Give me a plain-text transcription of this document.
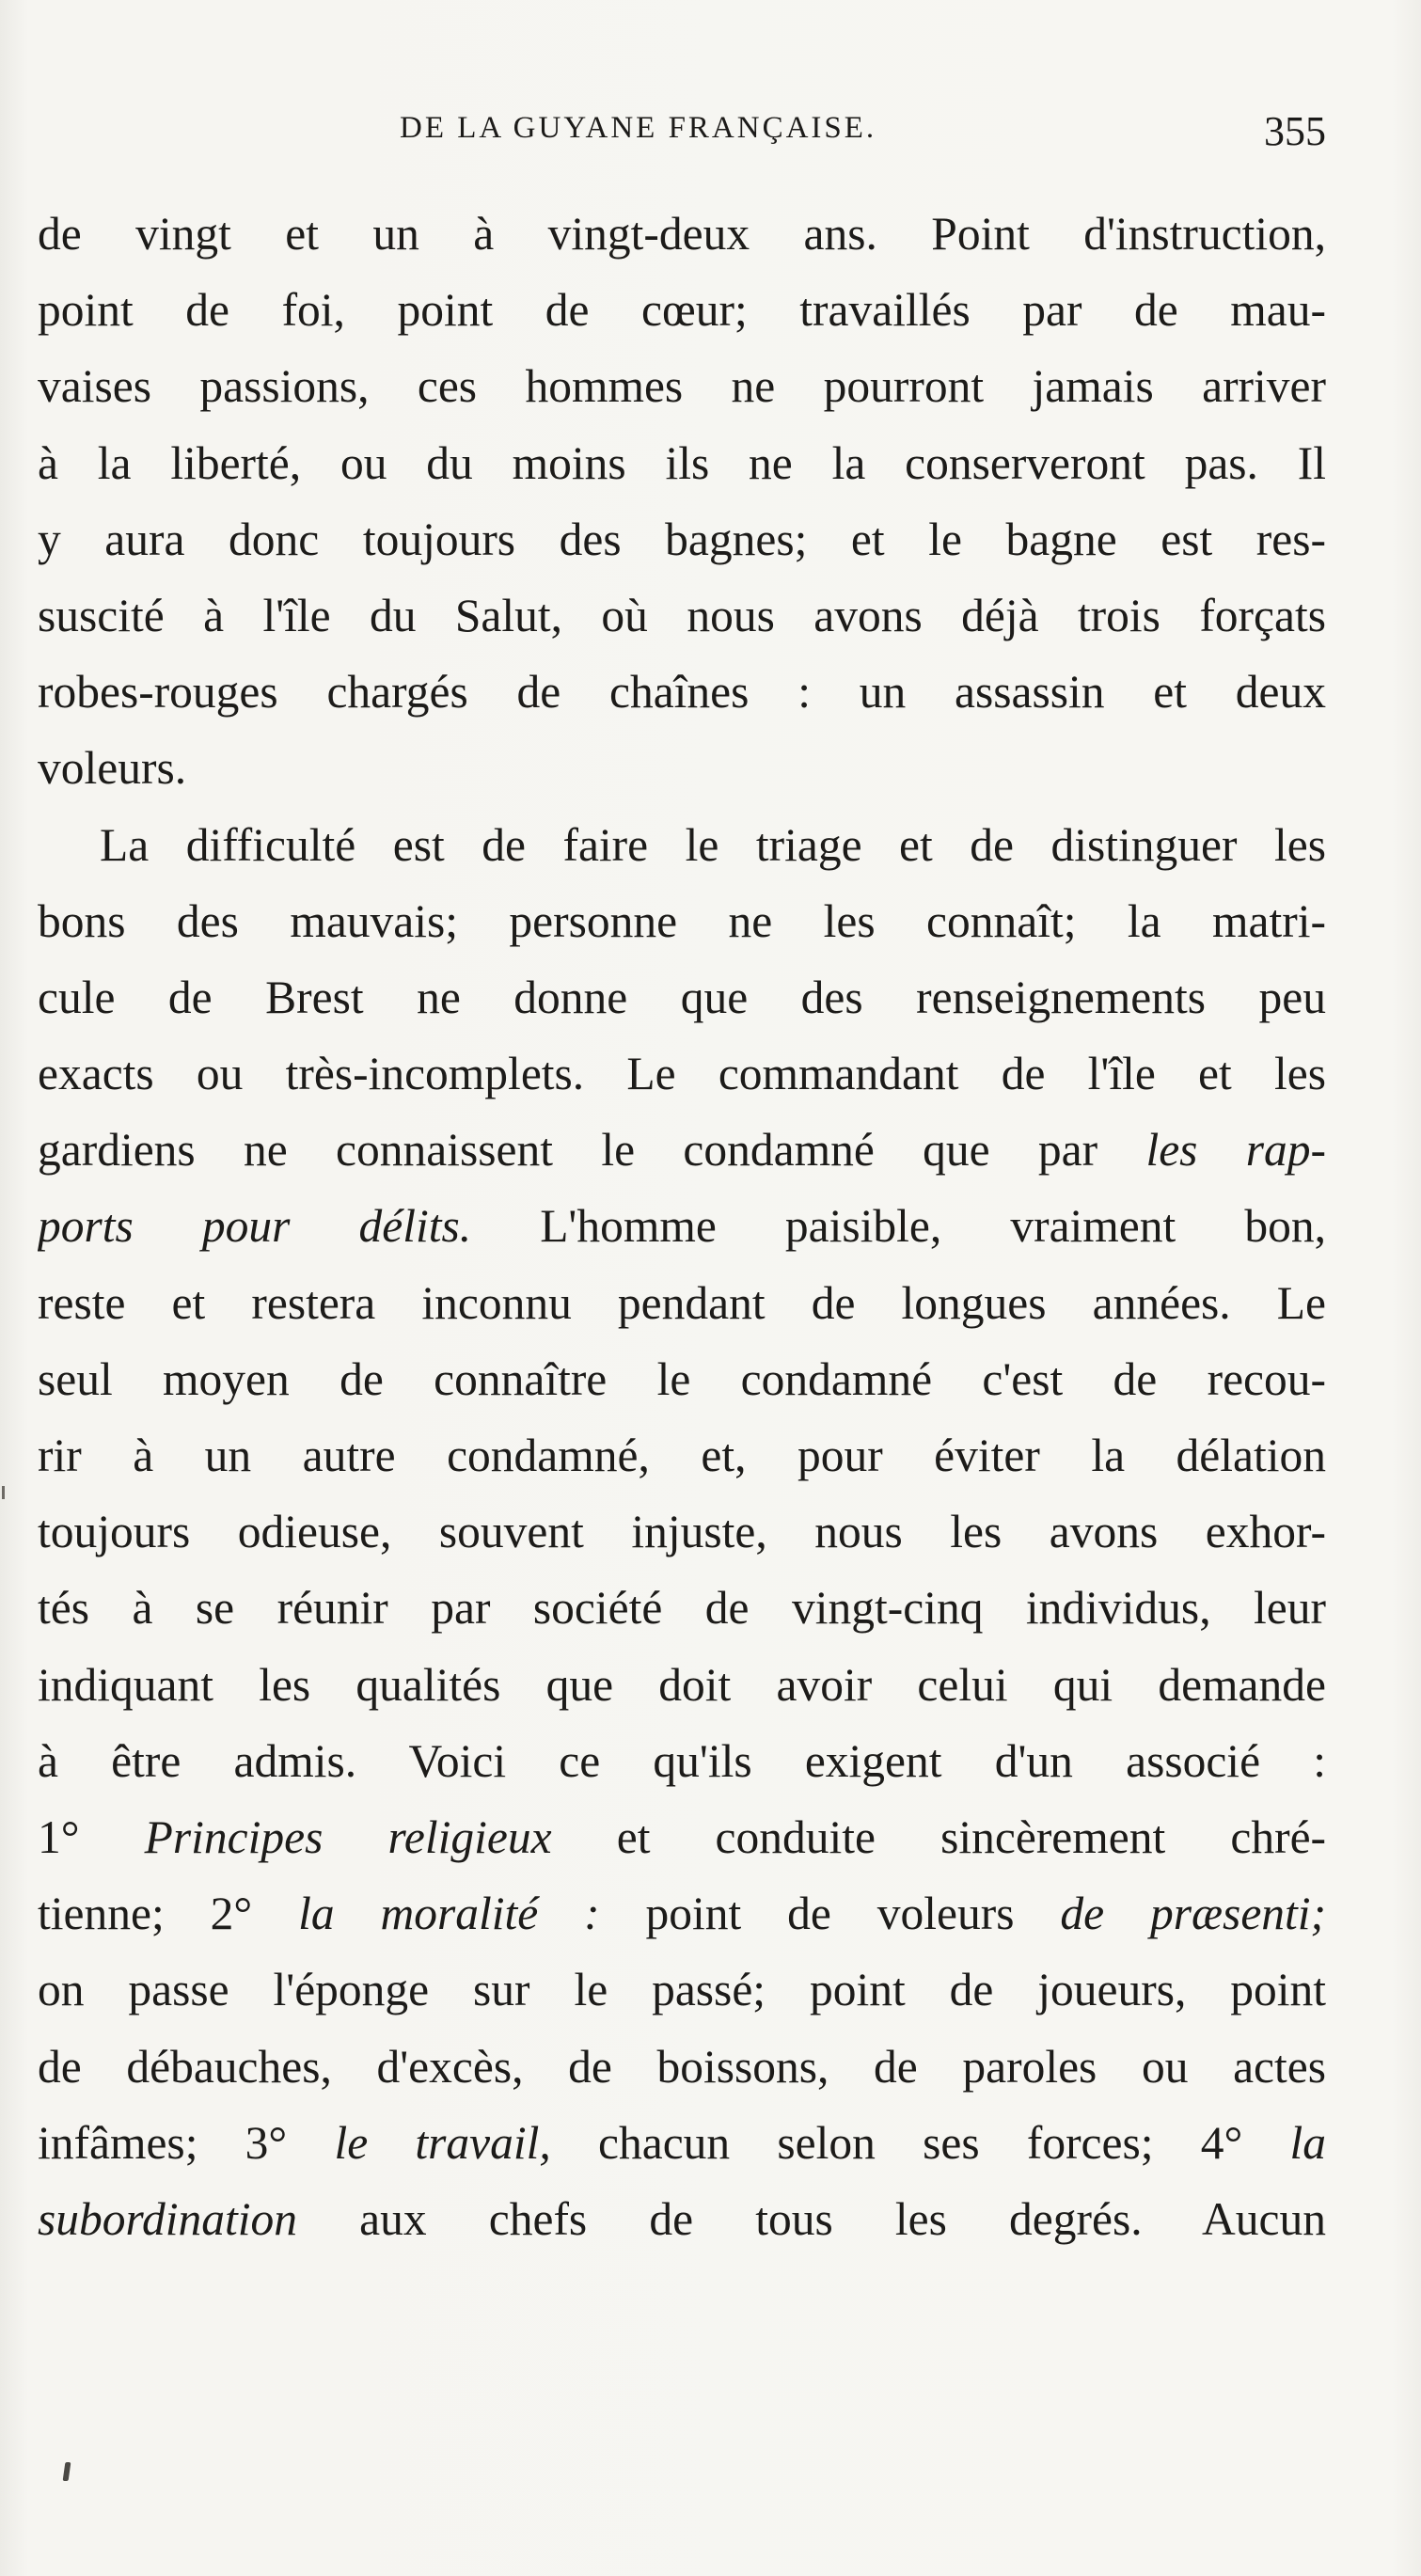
DE LA GUYANE FRANÇAISE.	355
de vingt et un à vingt-deux ans. Point d'instruction,
point de foi, point de cœur; travaillés par de mau-
vaises passions, ces hommes ne pourront jamais arriver
à la liberté, ou du moins ils ne la conserveront pas. Il
y aura donc toujours des bagnes; et le bagne est res-
suscité à l'île du Salut, où nous avons déjà trois forçats
robes-rouges chargés de chaînes : un assassin et deux
voleurs.
La difficulté est de faire le triage et de distinguer les
bons des mauvais; personne ne les connaît; la matri-
cule de Brest ne donne que des renseignements peu
exacts ou très-incomplets. Le commandant de l'île et les
gardiens ne connaissent le condamné que par les rap-
ports pour délits. L'homme paisible, vraiment bon,
reste et restera inconnu pendant de longues années. Le
seul moyen de connaître le condamné c'est de recou-
rir à un autre condamné, et, pour éviter la délation
toujours odieuse, souvent injuste, nous les avons exhor-
tés à se réunir par société de vingt-cinq individus, leur
indiquant les qualités que doit avoir celui qui demande
à être admis. Voici ce qu'ils exigent d'un associé :
1° Principes religieux et conduite sincèrement chré-
tienne; 2° la moralité : point de voleurs de præsenti;
on passe l'éponge sur le passé; point de joueurs, point
de débauches, d'excès, de boissons, de paroles ou actes
infâmes; 3° le travail, chacun selon ses forces; 4° la
subordination aux chefs de tous les degrés. Aucun
